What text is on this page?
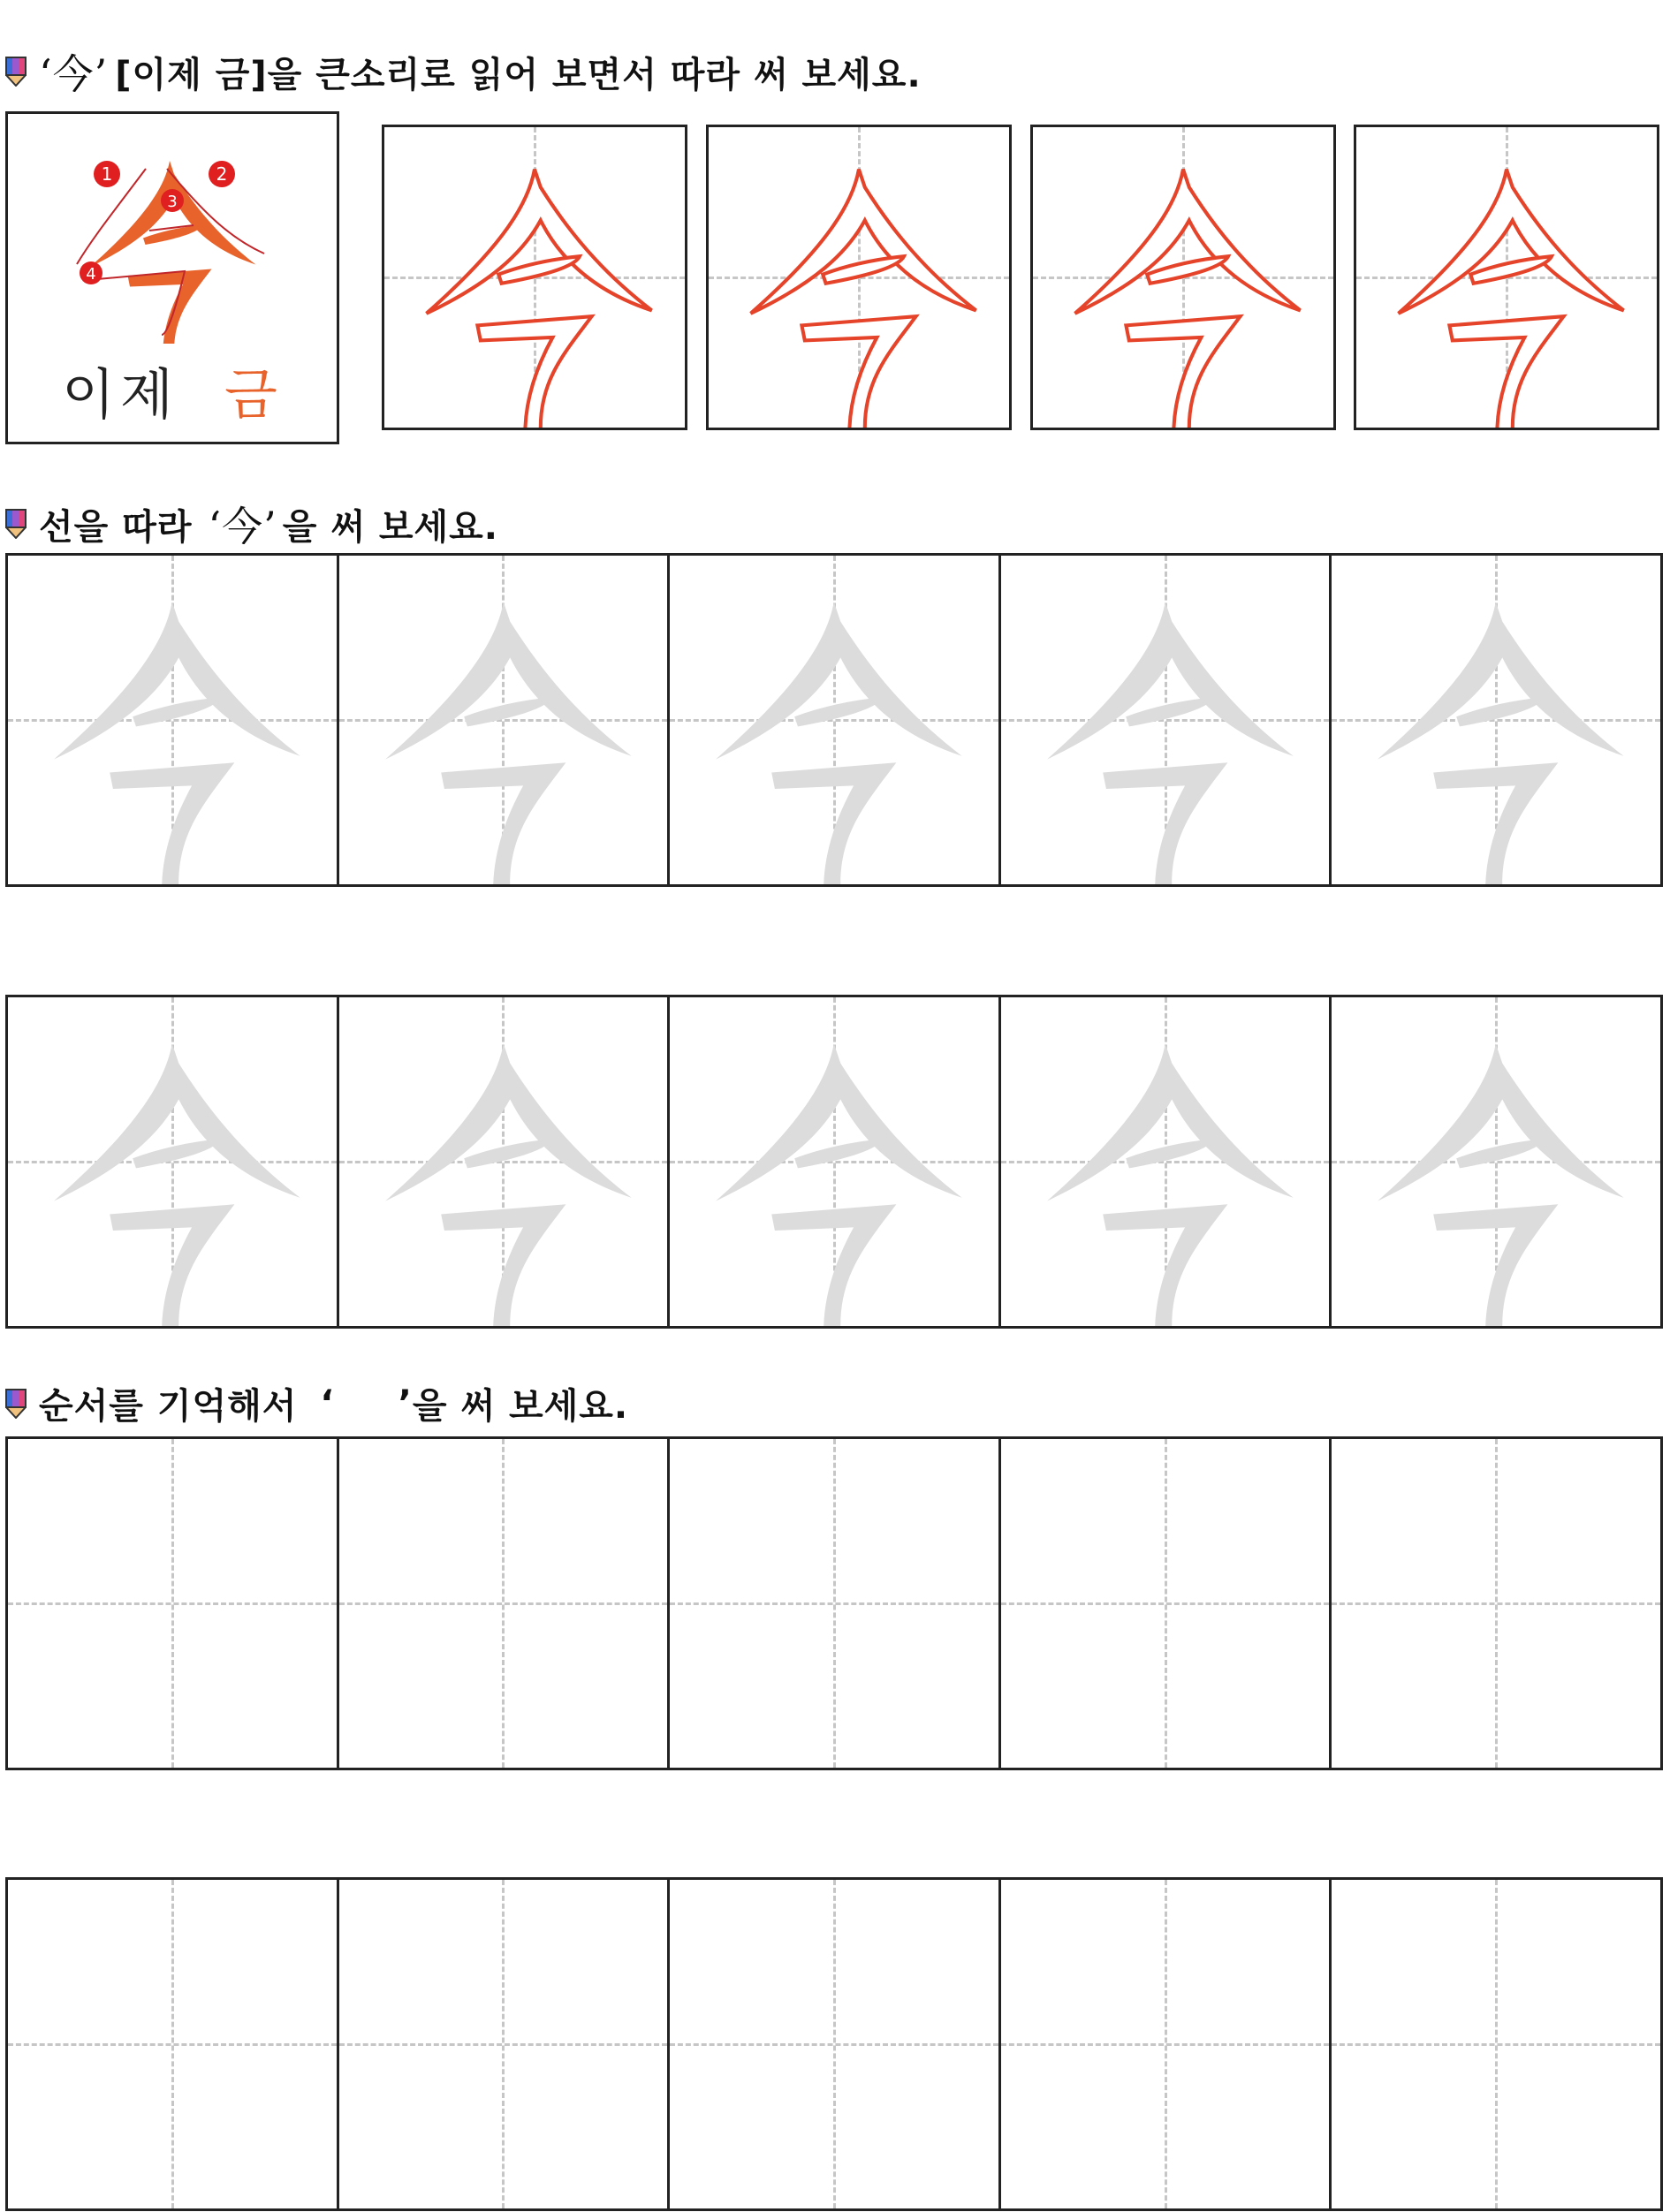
‘今’ [이제 금]을 큰소리로 읽어 보면서 따라 써 보세요.
1	2
3
4
이제 금
선을 따라 ‘今’ 을 써 보세요.
순서를 기억해서 ‘ ’ 을 써 보세요.
